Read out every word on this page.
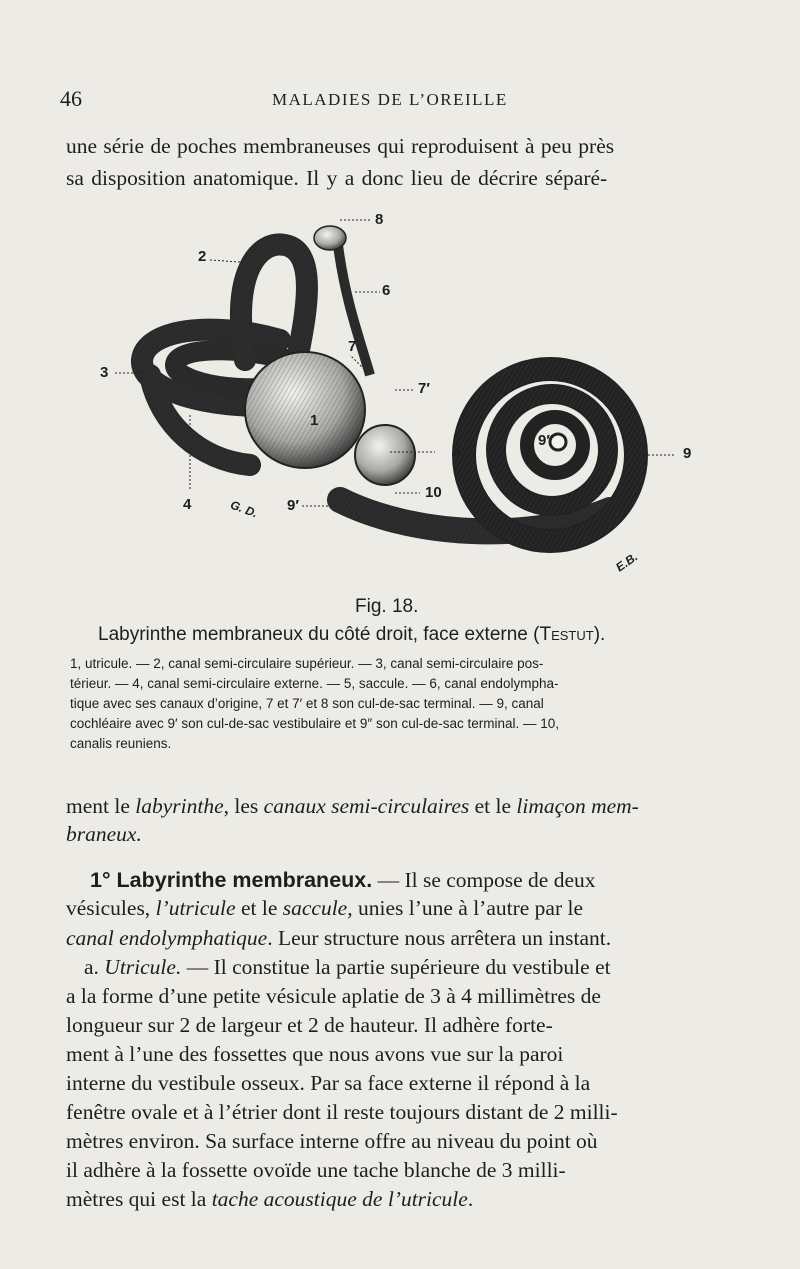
46	MALADIES DE L’OREILLE
une série de poches membraneuses qui reproduisent à peu près
sa disposition anatomique. Il y a donc lieu de décrire séparé-
2
3
4
8
6
7
7′
1
5
10
9′
9″
9
G. D.
E.B.
Fig. 18.
Labyrinthe membraneux du côté droit, face externe (Testut).
1, utricule. — 2, canal semi-circulaire supérieur. — 3, canal semi-circulaire pos-
térieur. — 4, canal semi-circulaire externe. — 5, saccule. — 6, canal endolympha-
tique avec ses canaux d’origine, 7 et 7′ et 8 son cul-de-sac terminal. — 9, canal
cochléaire avec 9′ son cul-de-sac vestibulaire et 9″ son cul-de-sac terminal. — 10,
canalis reuniens.
ment le labyrinthe, les canaux semi-circulaires et le limaçon mem-
braneux.
1° Labyrinthe membraneux. — Il se compose de deux
vésicules, l’utricule et le saccule, unies l’une à l’autre par le
canal endolymphatique. Leur structure nous arrêtera un instant.
a. Utricule. — Il constitue la partie supérieure du vestibule et
a la forme d’une petite vésicule aplatie de 3 à 4 millimètres de
longueur sur 2 de largeur et 2 de hauteur. Il adhère forte-
ment à l’une des fossettes que nous avons vue sur la paroi
interne du vestibule osseux. Par sa face externe il répond à la
fenêtre ovale et à l’étrier dont il reste toujours distant de 2 milli-
mètres environ. Sa surface interne offre au niveau du point où
il adhère à la fossette ovoïde une tache blanche de 3 milli-
mètres qui est la tache acoustique de l’utricule.
